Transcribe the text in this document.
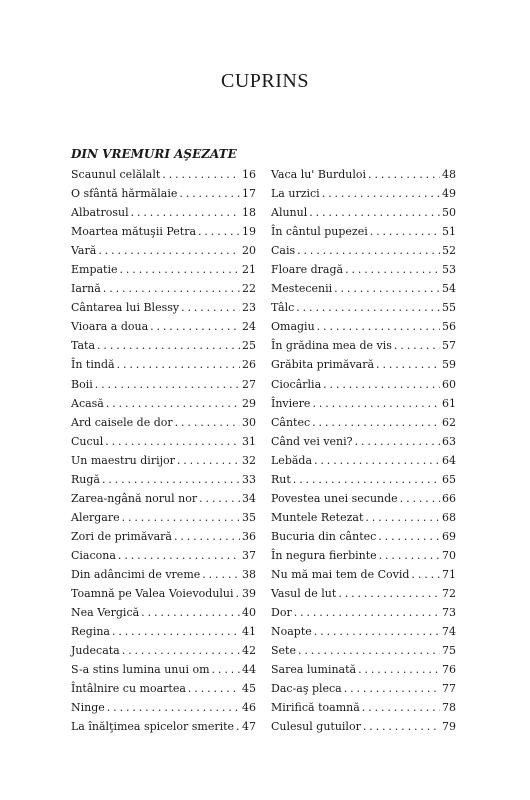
CUPRINS
DIN VREMURI AŞEZATE
Scaunul celălalt . . .	16
O sfântă hărmălaie . . .	17
Albatrosul . . .	18
Moartea mătuşii Petra . . .	19
Vară . . .	20
Empatie . . .	21
Iarnă . . .	22
Cântarea lui Blessy . . .	23
Vioara a doua . . .	24
Tata . . .	25
În tindă . . .	26
Boii . . .	27
Acasă . . .	29
Ard caisele de dor . . .	30
Cucul . . .	31
Un maestru dirijor . . .	32
Rugă . . .	33
Zarea-ngână norul nor . . .	34
Alergare . . .	35
Zori de primăvară . . .	36
Ciacona . . .	37
Din adâncimi de vreme . . .	38
Toamnă pe Valea Voievodului . . . 39
Nea Vergică . . .	40
Regina . . .	41
Judecata . . .	42
S-a stins lumina unui om . . .	44
Întâlnire cu moartea . . .	45
Ninge . . .	46
La înălţimea spicelor smerite . . . 47
Vaca lu' Burduloi . . .	48
La urzici . . .	49
Alunul . . .	50
În cântul pupezei . . .	51
Cais . . .	52
Floare dragă . . .	53
Mestecenii . . .	54
Tâlc . . .	55
Omagiu . . .	56
În grădina mea de vis . . .	57
Grăbita primăvară . . .	59
Ciocârlia . . .	60
Înviere . . .	61
Cântec . . .	62
Când vei veni? . . .	63
Lebăda . . .	64
Rut . . .	65
Povestea unei secunde . . .	66
Muntele Retezat . . .	68
Bucuria din cântec . . .	69
În negura fierbinte . . .	70
Nu mă mai tem de Covid . . .	71
Vasul de lut . . .	72
Dor . . .	73
Noapte . . .	74
Sete . . .	75
Sarea luminată . . .	76
Dac-aş pleca . . .	77
Mirifică toamnă . . .	78
Culesul gutuilor . . .	79
